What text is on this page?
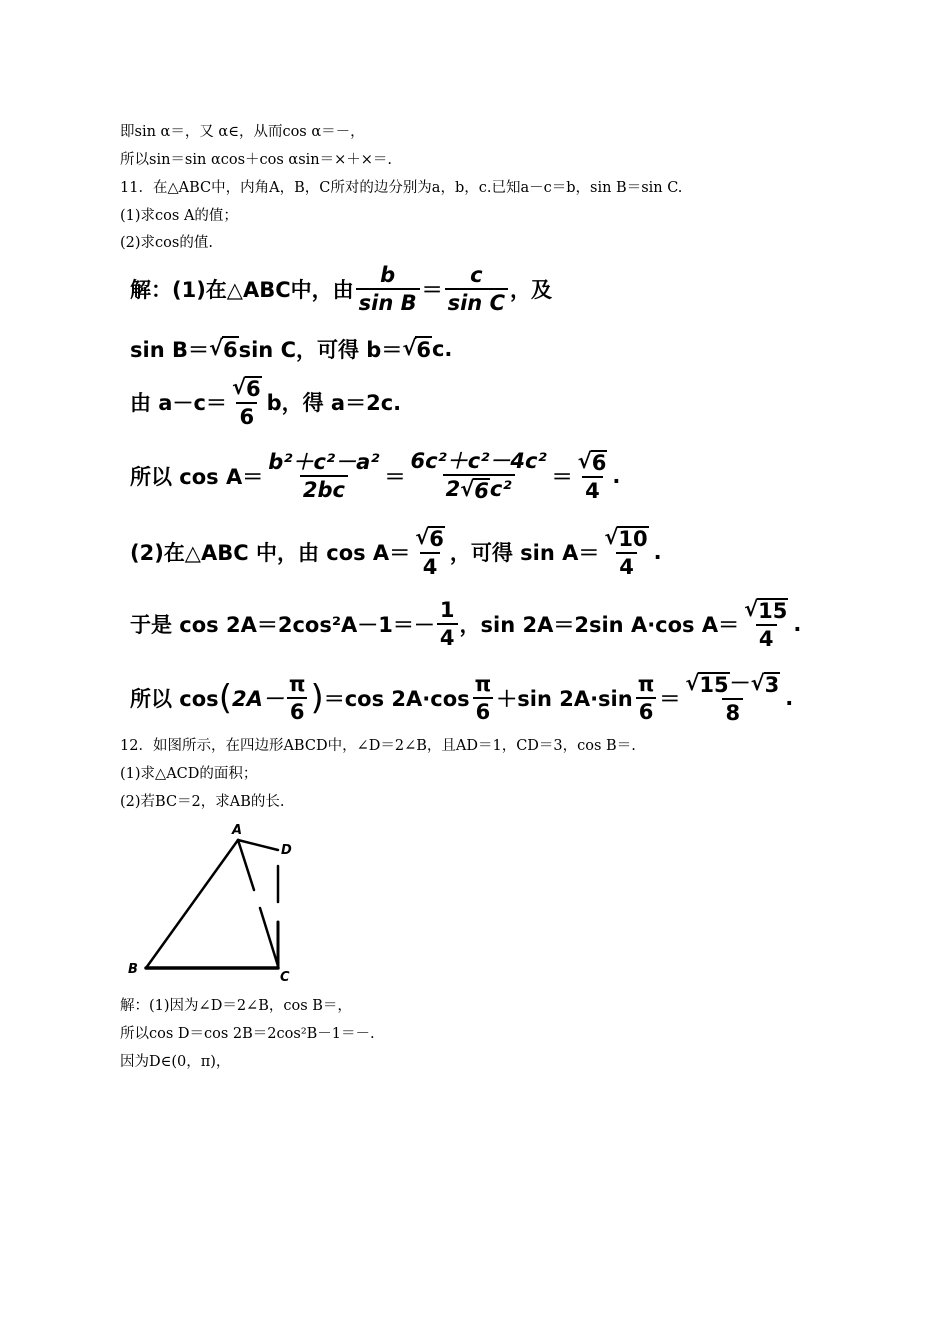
即sin α＝，又 α∈，从而cos α＝－，
所以sin＝sin αcos＋cos αsin＝×＋×＝.
11．在△ABC中，内角A，B，C所对的边分别为a，b，c.已知a－c＝b，sin B＝sin C.
(1)求cos A的值；
(2)求cos的值.
解：(1)在△ABC中，由 $\frac{b}{\text{sin B}} = \frac{c}{\text{sin C}}$ ，及
sin B＝ √ 6 sin C，可得 b＝ √ 6 c.
由 $a-c= \frac{√ 6}{6}$ b，得 a＝2c.
所以 $\cos A= \frac{\text{b²＋c²－a²}}{2bc} = \frac{\text{6c²＋c²－4c²}}{\text{2 √ 6 c²}} = \frac{√ 6}{4}$ .
(2)在△ABC 中，由 $\cos A= \frac{√ 6}{4}$ ，可得 $\sin A= \frac{√ 10}{4}$ .
于是 $\cos 2A=2\cos^2A-1=- \frac{1}{4}$ ，sin 2A＝2sin A·cos $A= \frac{√ 15}{4}$ .
所以 cos ( $2A- \frac{\pi}{6}$ ) ＝cos $2A\cdot\cos \frac{\pi}{6} +\sin$ $2A\cdot\sin \frac{\pi}{6} = \frac{√ 15 - √ 3}{8}$ .
12．如图所示，在四边形ABCD中，∠D＝2∠B，且AD＝1，CD＝3，cos B＝.
(1)求△ACD的面积；
(2)若BC＝2，求AB的长.
A
B
C
D
解：(1)因为∠D＝2∠B，cos B＝，
所以cos D＝cos 2B＝2cos²B－1＝－.
因为D∈(0，π)，
